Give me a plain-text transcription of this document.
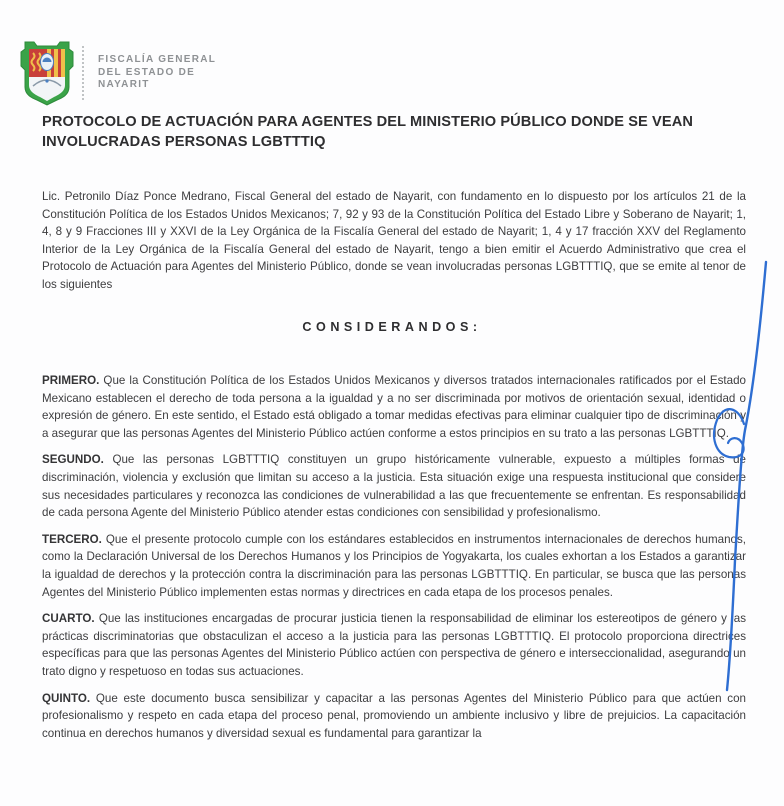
FISCALÍA GENERAL
DEL ESTADO DE
NAYARIT
PROTOCOLO DE ACTUACIÓN PARA AGENTES DEL MINISTERIO PÚBLICO DONDE SE VEAN INVOLUCRADAS PERSONAS LGBTTTIQ

Lic. Petronilo Díaz Ponce Medrano, Fiscal General del estado de Nayarit, con fundamento en lo dispuesto por los artículos 21 de la Constitución Política de los Estados Unidos Mexicanos; 7, 92 y 93 de la Constitución Política del Estado Libre y Soberano de Nayarit; 1, 4, 8 y 9 Fracciones III y XXVI de la Ley Orgánica de la Fiscalía General del estado de Nayarit; 1, 4 y 17 fracción XXV del Reglamento Interior de la Ley Orgánica de la Fiscalía General del estado de Nayarit, tengo a bien emitir el Acuerdo Administrativo que crea el Protocolo de Actuación para Agentes del Ministerio Público, donde se vean involucradas personas LGBTTTIQ, que se emite al tenor de los siguientes

CONSIDERANDOS:

PRIMERO. Que la Constitución Política de los Estados Unidos Mexicanos y diversos tratados internacionales ratificados por el Estado Mexicano establecen el derecho de toda persona a la igualdad y a no ser discriminada por motivos de orientación sexual, identidad o expresión de género. En este sentido, el Estado está obligado a tomar medidas efectivas para eliminar cualquier tipo de discriminación y a asegurar que las personas Agentes del Ministerio Público actúen conforme a estos principios en su trato a las personas LGBTTTIQ.

SEGUNDO. Que las personas LGBTTTIQ constituyen un grupo históricamente vulnerable, expuesto a múltiples formas de discriminación, violencia y exclusión que limitan su acceso a la justicia. Esta situación exige una respuesta institucional que considere sus necesidades particulares y reconozca las condiciones de vulnerabilidad a las que frecuentemente se enfrentan. Es responsabilidad de cada persona Agente del Ministerio Público atender estas condiciones con sensibilidad y profesionalismo.

TERCERO. Que el presente protocolo cumple con los estándares establecidos en instrumentos internacionales de derechos humanos, como la Declaración Universal de los Derechos Humanos y los Principios de Yogyakarta, los cuales exhortan a los Estados a garantizar la igualdad de derechos y la protección contra la discriminación para las personas LGBTTTIQ. En particular, se busca que las personas Agentes del Ministerio Público implementen estas normas y directrices en cada etapa de los procesos penales.

CUARTO. Que las instituciones encargadas de procurar justicia tienen la responsabilidad de eliminar los estereotipos de género y las prácticas discriminatorias que obstaculizan el acceso a la justicia para las personas LGBTTTIQ. El protocolo proporciona directrices específicas para que las personas Agentes del Ministerio Público actúen con perspectiva de género e interseccionalidad, asegurando un trato digno y respetuoso en todas sus actuaciones.

QUINTO. Que este documento busca sensibilizar y capacitar a las personas Agentes del Ministerio Público para que actúen con profesionalismo y respeto en cada etapa del proceso penal, promoviendo un ambiente inclusivo y libre de prejuicios. La capacitación continua en derechos humanos y diversidad sexual es fundamental para garantizar la
